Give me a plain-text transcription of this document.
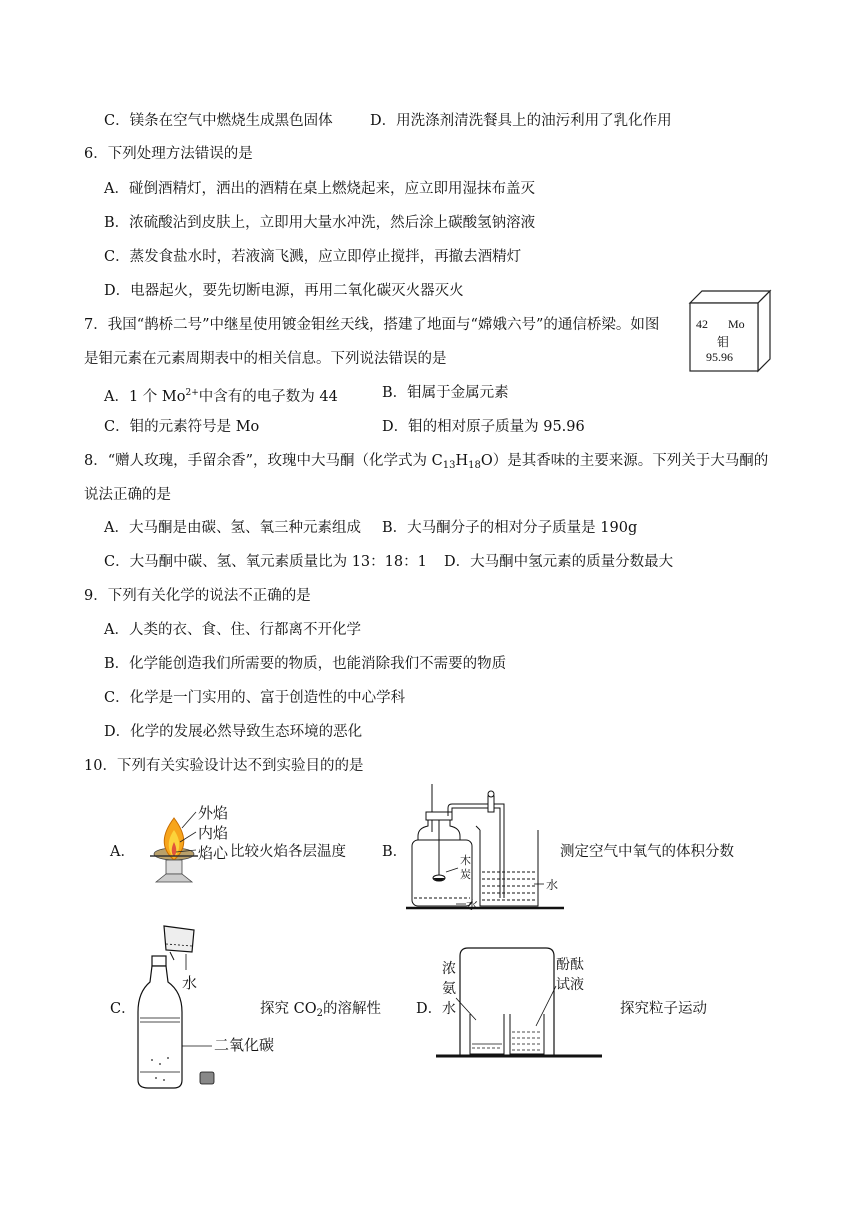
C．镁条在空气中燃烧生成黑色固体	D．用洗涤剂清洗餐具上的油污利用了乳化作用
6．下列处理方法错误的是
A．碰倒酒精灯，洒出的酒精在桌上燃烧起来，应立即用湿抹布盖灭
B．浓硫酸沾到皮肤上，立即用大量水冲洗，然后涂上碳酸氢钠溶液
C．蒸发食盐水时，若液滴飞溅，应立即停止搅拌，再撤去酒精灯
D．电器起火，要先切断电源，再用二氧化碳灭火器灭火
7．我国“鹊桥二号”中继星使用镀金钼丝天线，搭建了地面与“嫦娥六号”的通信桥梁。如图
是钼元素在元素周期表中的相关信息。下列说法错误的是
A．1 个 $Mo^{2+}$中含有的电子数为 44	B．钼属于金属元素
C．钼的元素符号是 Mo	D．钼的相对原子质量为 95.96
42 Mo
钼
95.96
8．“赠人玫瑰，手留余香”，玫瑰中大马酮（化学式为 $C_{13}H_{18}O$）是其香味的主要来源。下列关于大马酮的
说法正确的是
A．大马酮是由碳、氢、氧三种元素组成 B．大马酮分子的相对分子质量是 190g
C．大马酮中碳、氢、氧元素质量比为 13：18：1 D．大马酮中氢元素的质量分数最大
9．下列有关化学的说法不正确的是
A．人类的衣、食、住、行都离不开化学
B．化学能创造我们所需要的物质，也能消除我们不需要的物质
C．化学是一门实用的、富于创造性的中心学科
D．化学的发展必然导致生态环境的恶化
10．下列有关实验设计达不到实验目的的是
A．	比较火焰各层温度
外焰
内焰
焰心	B．	测定空气中氧气的体积分数
木
炭
水
水
C．	探究 $CO_2$的溶解性
水
二氧化碳
D．	探究粒子运动
浓
氨
水
酚酞
试液
